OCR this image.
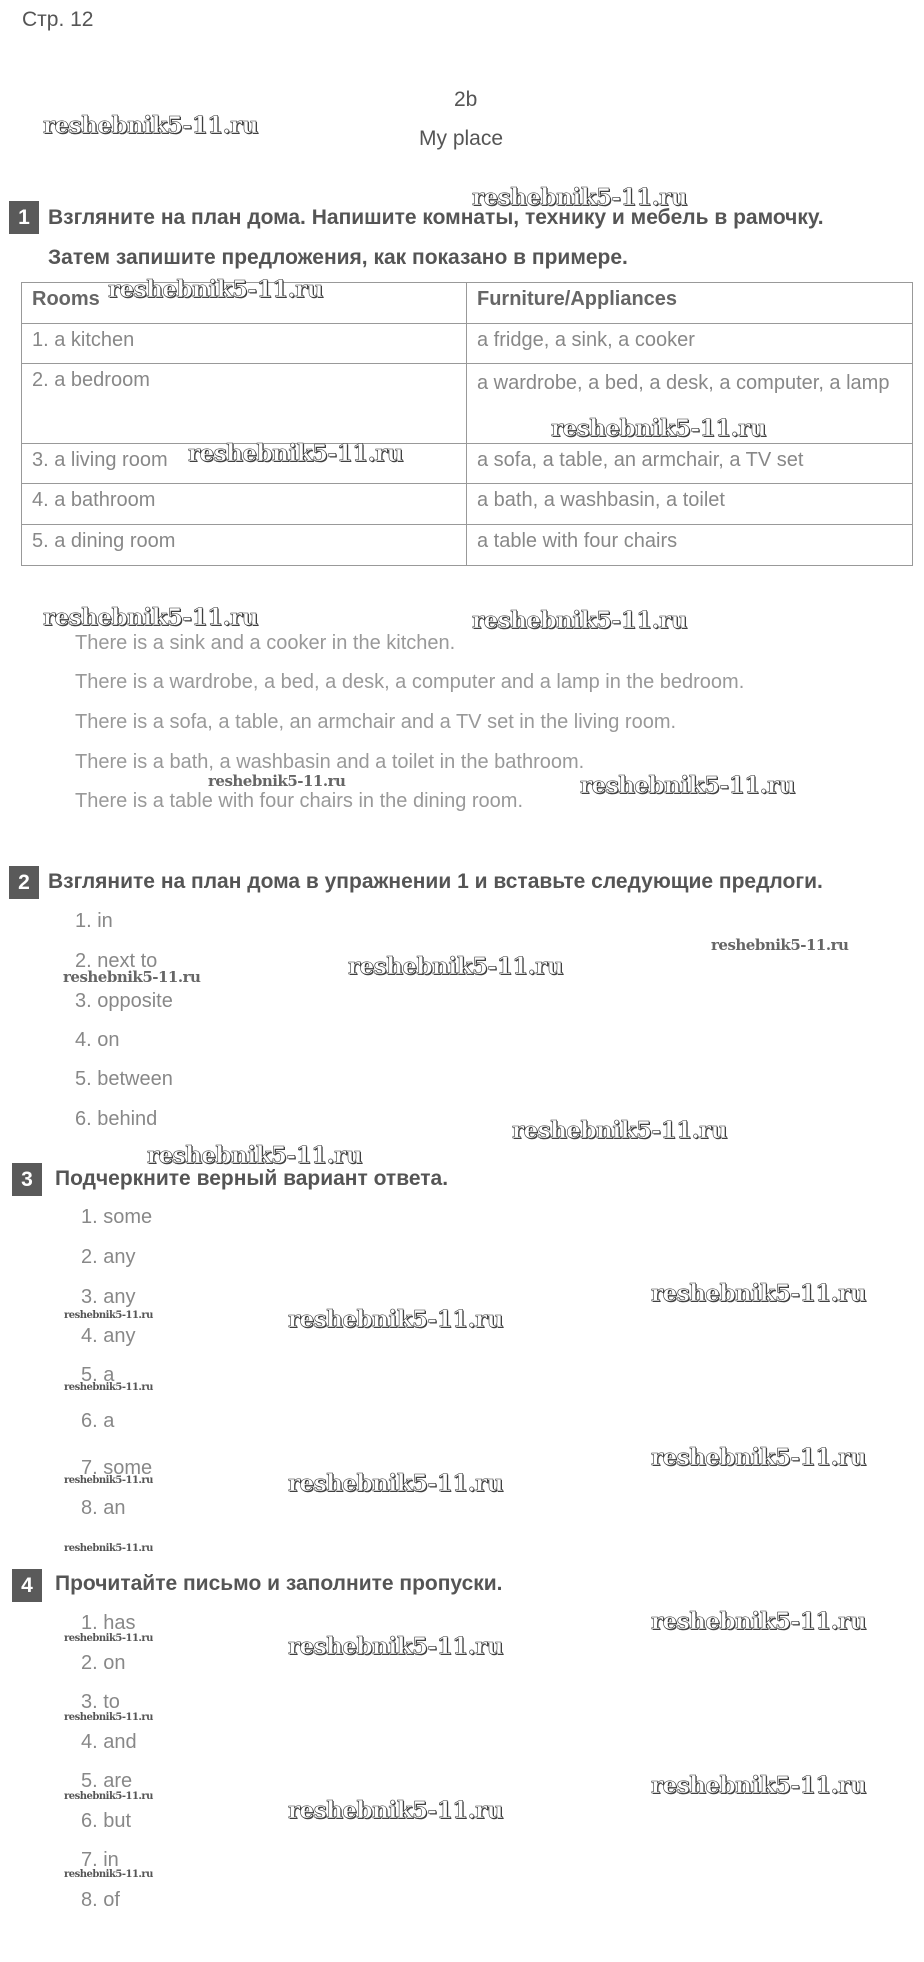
Стр. 12
2b
My place
1 Взгляните на план дома. Напишите комнаты, технику и мебель в рамочку.
Затем запишите предложения, как показано в примере.
Rooms	Furniture/Appliances
1. a kitchen	a fridge, a sink, a cooker
2. a bedroom	a wardrobe, a bed, a desk, a computer, a lamp
3. a living room	a sofa, a table, an armchair, a TV set
4. a bathroom	a bath, a washbasin, a toilet
5. a dining room	a table with four chairs
There is a sink and a cooker in the kitchen.
There is a wardrobe, a bed, a desk, a computer and a lamp in the bedroom.
There is a sofa, a table, an armchair and a TV set in the living room.
There is a bath, a washbasin and a toilet in the bathroom.
There is a table with four chairs in the dining room.
2 Взгляните на план дома в упражнении 1 и вставьте следующие предлоги.
1. in
2. next to
3. opposite
4. on
5. between
6. behind
3	Подчеркните верный вариант ответа.
1. some
2. any
3. any
4. any
5. a
6. a
7. some
8. an
4	Прочитайте письмо и заполните пропуски.
1. has
2. on
3. to
4. and
5. are
6. but
7. in
8. of
reshebnik5-11.ru
reshebnik5-11.ru
reshebnik5-11.ru
reshebnik5-11.ru
reshebnik5-11.ru
reshebnik5-11.ru	reshebnik5-11.ru
reshebnik5-11.ru	reshebnik5-11.ru
reshebnik5-11.ru
reshebnik5-11.ru
reshebnik5-11.ru
reshebnik5-11.ru
reshebnik5-11.ru
reshebnik5-11.ru
reshebnik5-11.ru
reshebnik5-11.ru
reshebnik5-11.ru
reshebnik5-11.ru
reshebnik5-11.ru	reshebnik5-11.ru
reshebnik5-11.ru
reshebnik5-11.ru
reshebnik5-11.ru	reshebnik5-11.ru
reshebnik5-11.ru
reshebnik5-11.ru
reshebnik5-11.ru
reshebnik5-11.ru
reshebnik5-11.ru
